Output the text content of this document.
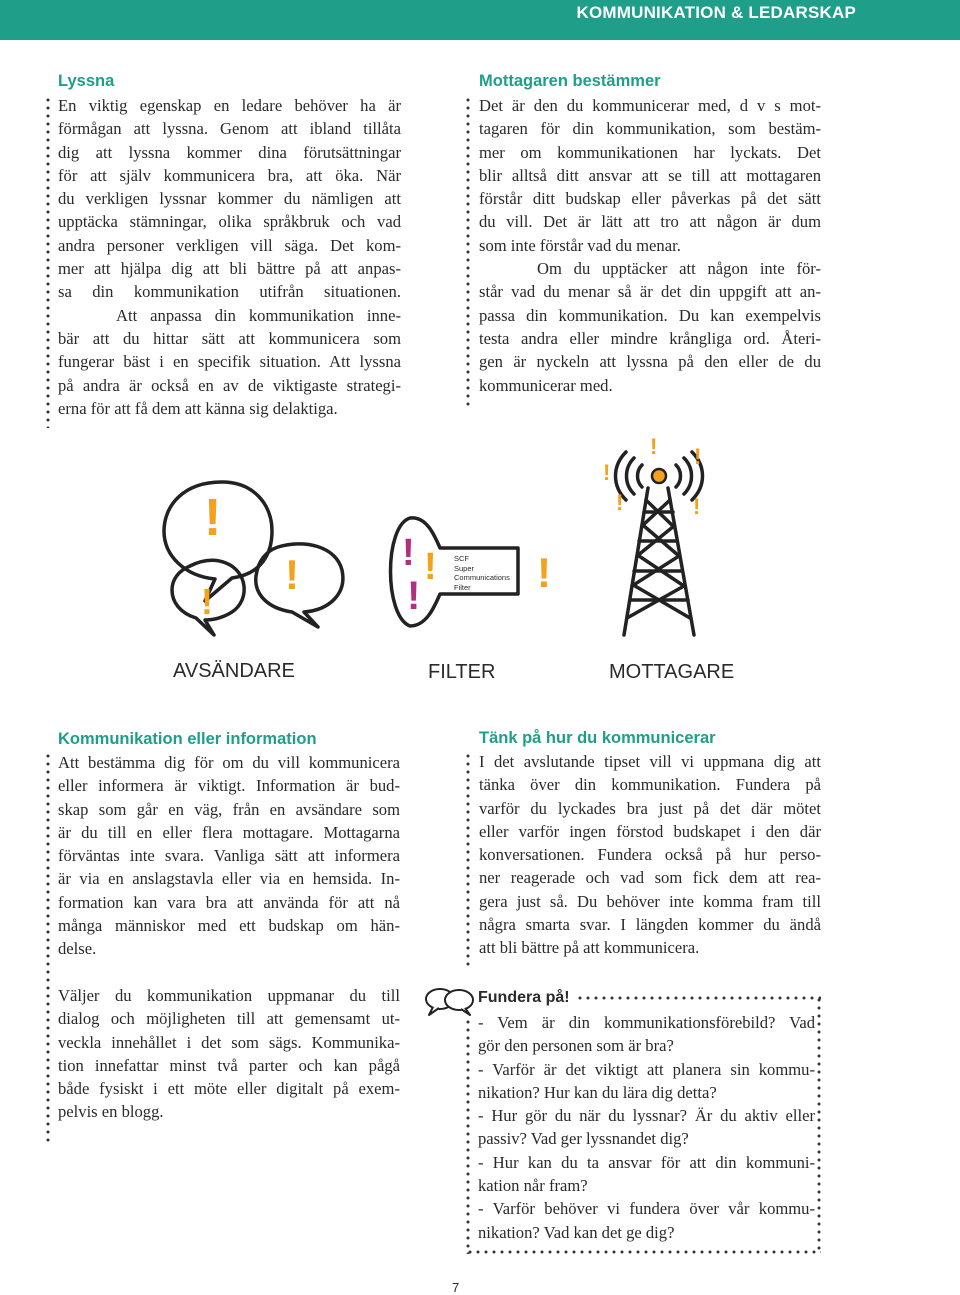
KOMMUNIKATION & LEDARSKAP
Lyssna
En viktig egenskap en ledare behöver ha är
förmågan att lyssna. Genom att ibland tillåta
dig att lyssna kommer dina förutsättningar
för att själv kommunicera bra, att öka. När
du verkligen lyssnar kommer du nämligen att
upptäcka stämningar, olika språkbruk och vad
andra personer verkligen vill säga. Det kom-
mer att hjälpa dig att bli bättre på att anpas-
sa din kommunikation utifrån situationen.
Att anpassa din kommunikation inne-
bär att du hittar sätt att kommunicera som
fungerar bäst i en specifik situation. Att lyssna
på andra är också en av de viktigaste strategi-
erna för att få dem att känna sig delaktiga.
Mottagaren bestämmer
Det är den du kommunicerar med, d v s mot-
tagaren för din kommunikation, som bestäm-
mer om kommunikationen har lyckats. Det
blir alltså ditt ansvar att se till att mottagaren
förstår ditt budskap eller påverkas på det sätt
du vill. Det är lätt att tro att någon är dum
som inte förstår vad du menar.
Om du upptäcker att någon inte för-
står vad du menar så är det din uppgift att an-
passa din kommunikation. Du kan exempelvis
testa andra eller mindre krångliga ord. Återi-
gen är nyckeln att lyssna på den eller de du
kommunicerar med.
!
!
!	! !
!	!
!
!
! !
!
SCF
Super
Communications
Filter
AVSÄNDARE	FILTER	MOTTAGARE
Kommunikation eller information
Att bestämma dig för om du vill kommunicera
eller informera är viktigt. Information är bud-
skap som går en väg, från en avsändare som
är du till en eller flera mottagare. Mottagarna
förväntas inte svara. Vanliga sätt att informera
är via en anslagstavla eller via en hemsida. In-
formation kan vara bra att använda för att nå
många människor med ett budskap om hän-
delse.
Väljer du kommunikation uppmanar du till
dialog och möjligheten till att gemensamt ut-
veckla innehållet i det som sägs. Kommunika-
tion innefattar minst två parter och kan pågå
både fysiskt i ett möte eller digitalt på exem-
pelvis en blogg.
Tänk på hur du kommunicerar
I det avslutande tipset vill vi uppmana dig att
tänka över din kommunikation. Fundera på
varför du lyckades bra just på det där mötet
eller varför ingen förstod budskapet i den där
konversationen. Fundera också på hur perso-
ner reagerade och vad som fick dem att rea-
gera just så. Du behöver inte komma fram till
några smarta svar. I längden kommer du ändå
att bli bättre på att kommunicera.
Fundera på!
- Vem är din kommunikationsförebild? Vad
gör den personen som är bra?
- Varför är det viktigt att planera sin kommu-
nikation? Hur kan du lära dig detta?
- Hur gör du när du lyssnar? Är du aktiv eller
passiv? Vad ger lyssnandet dig?
- Hur kan du ta ansvar för att din kommuni-
kation når fram?
- Varför behöver vi fundera över vår kommu-
nikation? Vad kan det ge dig?
7
